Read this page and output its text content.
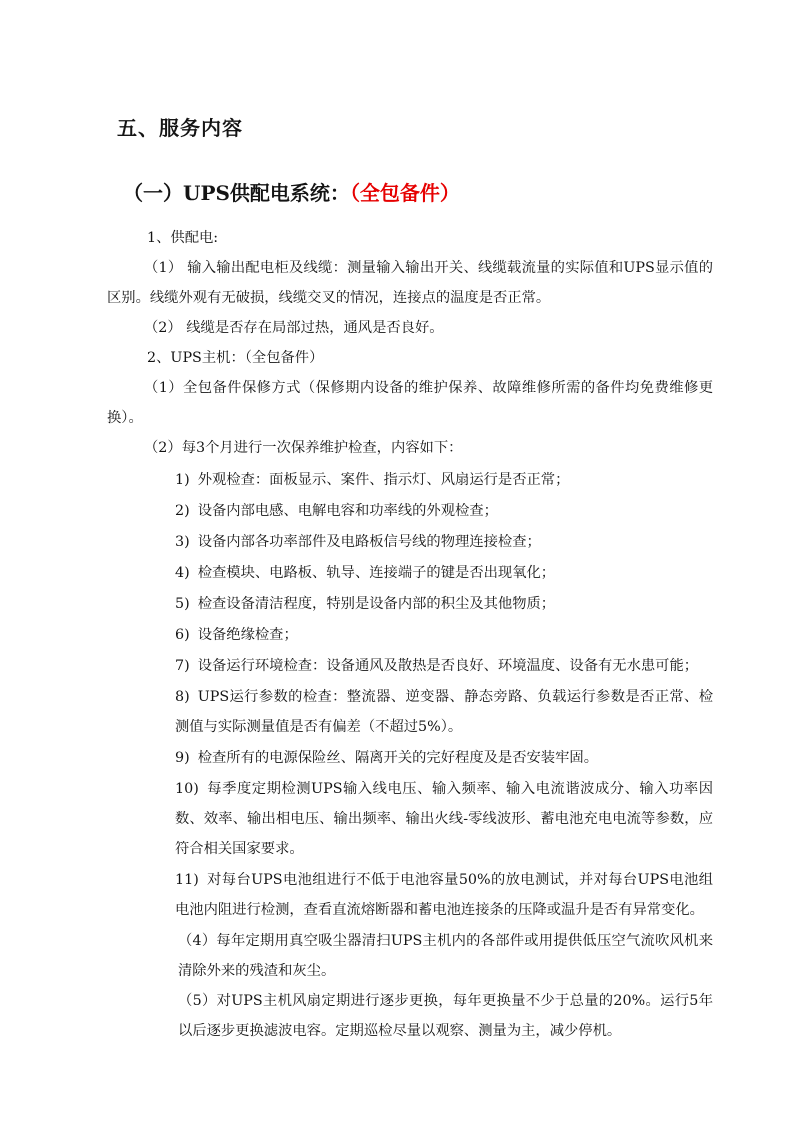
五、服务内容
（一）UPS供配电系统：（全包备件）

1、供配电:

（1） 输入输出配电柜及线缆：测量输入输出开关、线缆载流量的实际值和UPS显示值的区别。线缆外观有无破损，线缆交叉的情况，连接点的温度是否正常。

（2） 线缆是否存在局部过热，通风是否良好。

2、UPS主机：（全包备件）

（1）全包备件保修方式（保修期内设备的维护保养、故障维修所需的备件均免费维修更换）。

（2）每3个月进行一次保养维护检查，内容如下：

1) 外观检查：面板显示、案件、指示灯、风扇运行是否正常；
2) 设备内部电感、电解电容和功率线的外观检查；
3) 设备内部各功率部件及电路板信号线的物理连接检查；
4) 检查模块、电路板、轨导、连接端子的键是否出现氧化；
5) 检查设备清洁程度，特别是设备内部的积尘及其他物质；
6) 设备绝缘检查；
7) 设备运行环境检查：设备通风及散热是否良好、环境温度、设备有无水患可能；
8) UPS运行参数的检查：整流器、逆变器、静态旁路、负载运行参数是否正常、检测值与实际测量值是否有偏差（不超过5%）。
9) 检查所有的电源保险丝、隔离开关的完好程度及是否安装牢固。
10) 每季度定期检测UPS输入线电压、输入频率、输入电流谐波成分、输入功率因数、效率、输出相电压、输出频率、输出火线-零线波形、蓄电池充电电流等参数，应符合相关国家要求。
11) 对每台UPS电池组进行不低于电池容量50%的放电测试，并对每台UPS电池组电池内阻进行检测，查看直流熔断器和蓄电池连接条的压降或温升是否有异常变化。

（4）每年定期用真空吸尘器清扫UPS主机内的各部件或用提供低压空气流吹风机来清除外来的残渣和灰尘。

（5）对UPS主机风扇定期进行逐步更换，每年更换量不少于总量的20%。运行5年以后逐步更换滤波电容。定期巡检尽量以观察、测量为主，减少停机。
